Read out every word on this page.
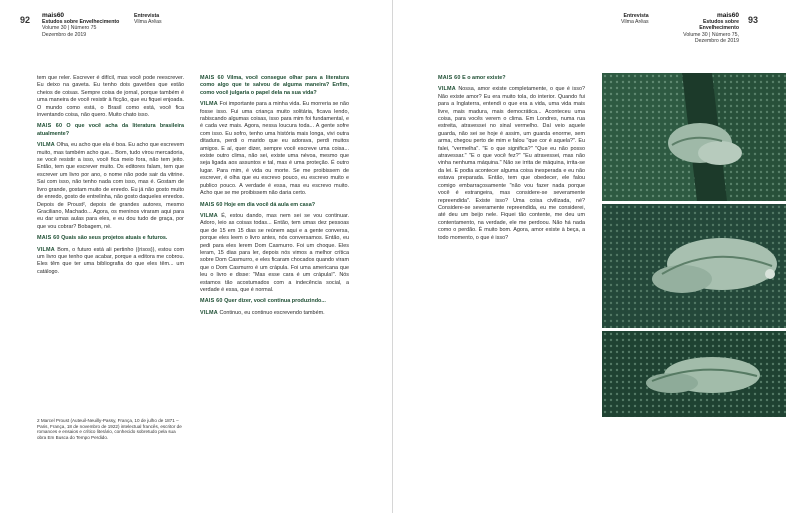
92 mais60
Estudos sobre Envelhecimento
Volume 30 | Número 75
Dezembro de 2019
Entrevista
Vilma Arêas

tem que reler. Escrever é difícil, mas você pode reescrever. Eu deixo na gaveta. Eu tenho dois gavetões que estão cheios de coisas. Sempre coisa de jornal, porque também é uma maneira de você resistir à ficção, que eu fiquei enjoada. O mundo como está, o Brasil como está, você fica inventando coisa, não quero. Muito chato isso.

MAIS 60 O que você acha da literatura brasileira atualmente?

VILMA Olha, eu acho que ela é boa. Eu acho que escrevem muito, mas também acho que... Bom, tudo virou mercadoria, se você resistir a isso, você fica meio fora, não tem jeito. Então, tem que escrever muito. Os editores falam, tem que escrever um livro por ano, o nome não pode sair da vitrine. Sai com isso, não tenho nada com isso, mas é. Gostam de livro grande, gostam muito de enredo. Eu já não gosto muito de enredo, gosto de entrelinha, não gosto daqueles enredos. Depois de Proust², depois de grandes autores, mesmo Graciliano, Machado... Agora, os meninos viraram aqui para eu dar umas aulas para eles, e eu dou tudo de graça, por que vou cobrar? Bobagem, né.

MAIS 60 Quais são seus projetos atuais e futuros.

VILMA Bom, o futuro está ali pertinho ((risos)), estou com um livro que tenho que acabar, porque a editora me cobrou. Eles têm que ter uma bibliografia do que eles têm... um catálogo.

2 Marcel Proust (Auteuil-Neuilly-Passy, França, 10 de julho de 1871 – Paris, França, 18 de novembro de 1922) intelectual francês, escritor de romances e ensaios e crítico literário, conhecido sobretudo pela sua obra Em Busca do Tempo Perdido.

MAIS 60 Vilma, você consegue olhar para a literatura como algo que te salvou de alguma maneira? Enfim, como você julgaria o papel dela na sua vida?

VILMA Foi importante para a minha vida. Eu morreria se não fosse isso. Fui uma criança muito solitária, ficava lendo, rabiscando algumas coisas, isso para mim foi fundamental, e é cada vez mais. Agora, nessa loucura toda... A gente sofre com isso. Eu sofro, tenho uma história mais longa, vivi outra ditadura, perdi o marido que eu adorava, perdi muitos amigos. E aí, quer dizer, sempre você escreve uma coisa... existe outro clima, não sei, existe uma névoa, mesmo que seja ligada aos assuntos e tal, mas é uma proteção. É outro lugar. Para mim, é vida ou morte. Se me proibissem de escrever, é olha que eu escrevo pouco, eu escrevo muito e publico pouco. A verdade é essa, mas eu escrevo muito. Acho que se me proibissem não daria certo.

MAIS 60 Hoje em dia você dá aula em casa?

VILMA É, estou dando, mas nem sei se vou continuar. Adoro, leio as coisas todas... Então, tem umas dez pessoas que de 15 em 15 dias se reúnem aqui e a gente conversa, porque eles leem o livro antes, nós conversamos. Então, eu pedi para eles lerem Dom Casmurro. Foi um choque. Eles leram, 15 dias para ler, depois nós vimos a melhor crítica sobre Dom Casmurro, e eles ficaram chocados quando viram que o Dom Casmurro é um crápula. Foi uma americana que leu o livro e disse: "Mas esse cara é um crápula!". Nós estamos tão acostumados com a indecência social, a verdade é essa, que é normal.

MAIS 60 Quer dizer, você continua produzindo...

VILMA Continuo, eu continuo escrevendo também.

Entrevista
Vilma Arêas
mais60
Estudos sobre Envelhecimento
Volume 30 | Número 75,
Dezembro de 2019
93

MAIS 60 E o amor existe?

VILMA Nossa, amor existe completamente, o que é isso? Não existe amor? Eu era muito tola, do interior. Quando fui para a Inglaterra, entendi o que era a vida, uma vida mais livre, mais madura, mais democrática... Aconteceu uma coisa, para vocês verem o clima. Em Londres, numa rua estreita, atravessei no sinal vermelho. Daí veio aquele guarda, não sei se hoje é assim, um guarda enorme, sem arma, chegou perto de mim e falou "que cor é aquela?". Eu falei, "vermelha". "E o que significa?" "Que eu não posso atravessar." "E o que você fez?" "Eu atravessei, mas não vinha nenhuma máquina." Não se irrita de máquina, irrita-se da lei. E podia acontecer alguma coisa inesperada e eu não estava preparada. Então, tem que obedecer, ele falou comigo embarraçosamente "não vou fazer nada porque você é estrangeira, mas considere-se severamente repreendida". Existe isso? Uma coisa civilizada, né? Considere-se severamente repreendida, eu me considerei, até deu um beijo nele. Fiquei tão contente, me deu um contentamento, na verdade, ele me perdoou. Não há nada como o perdão. É muito bom. Agora, amor existe à beça, a todo momento, o que é isso?
